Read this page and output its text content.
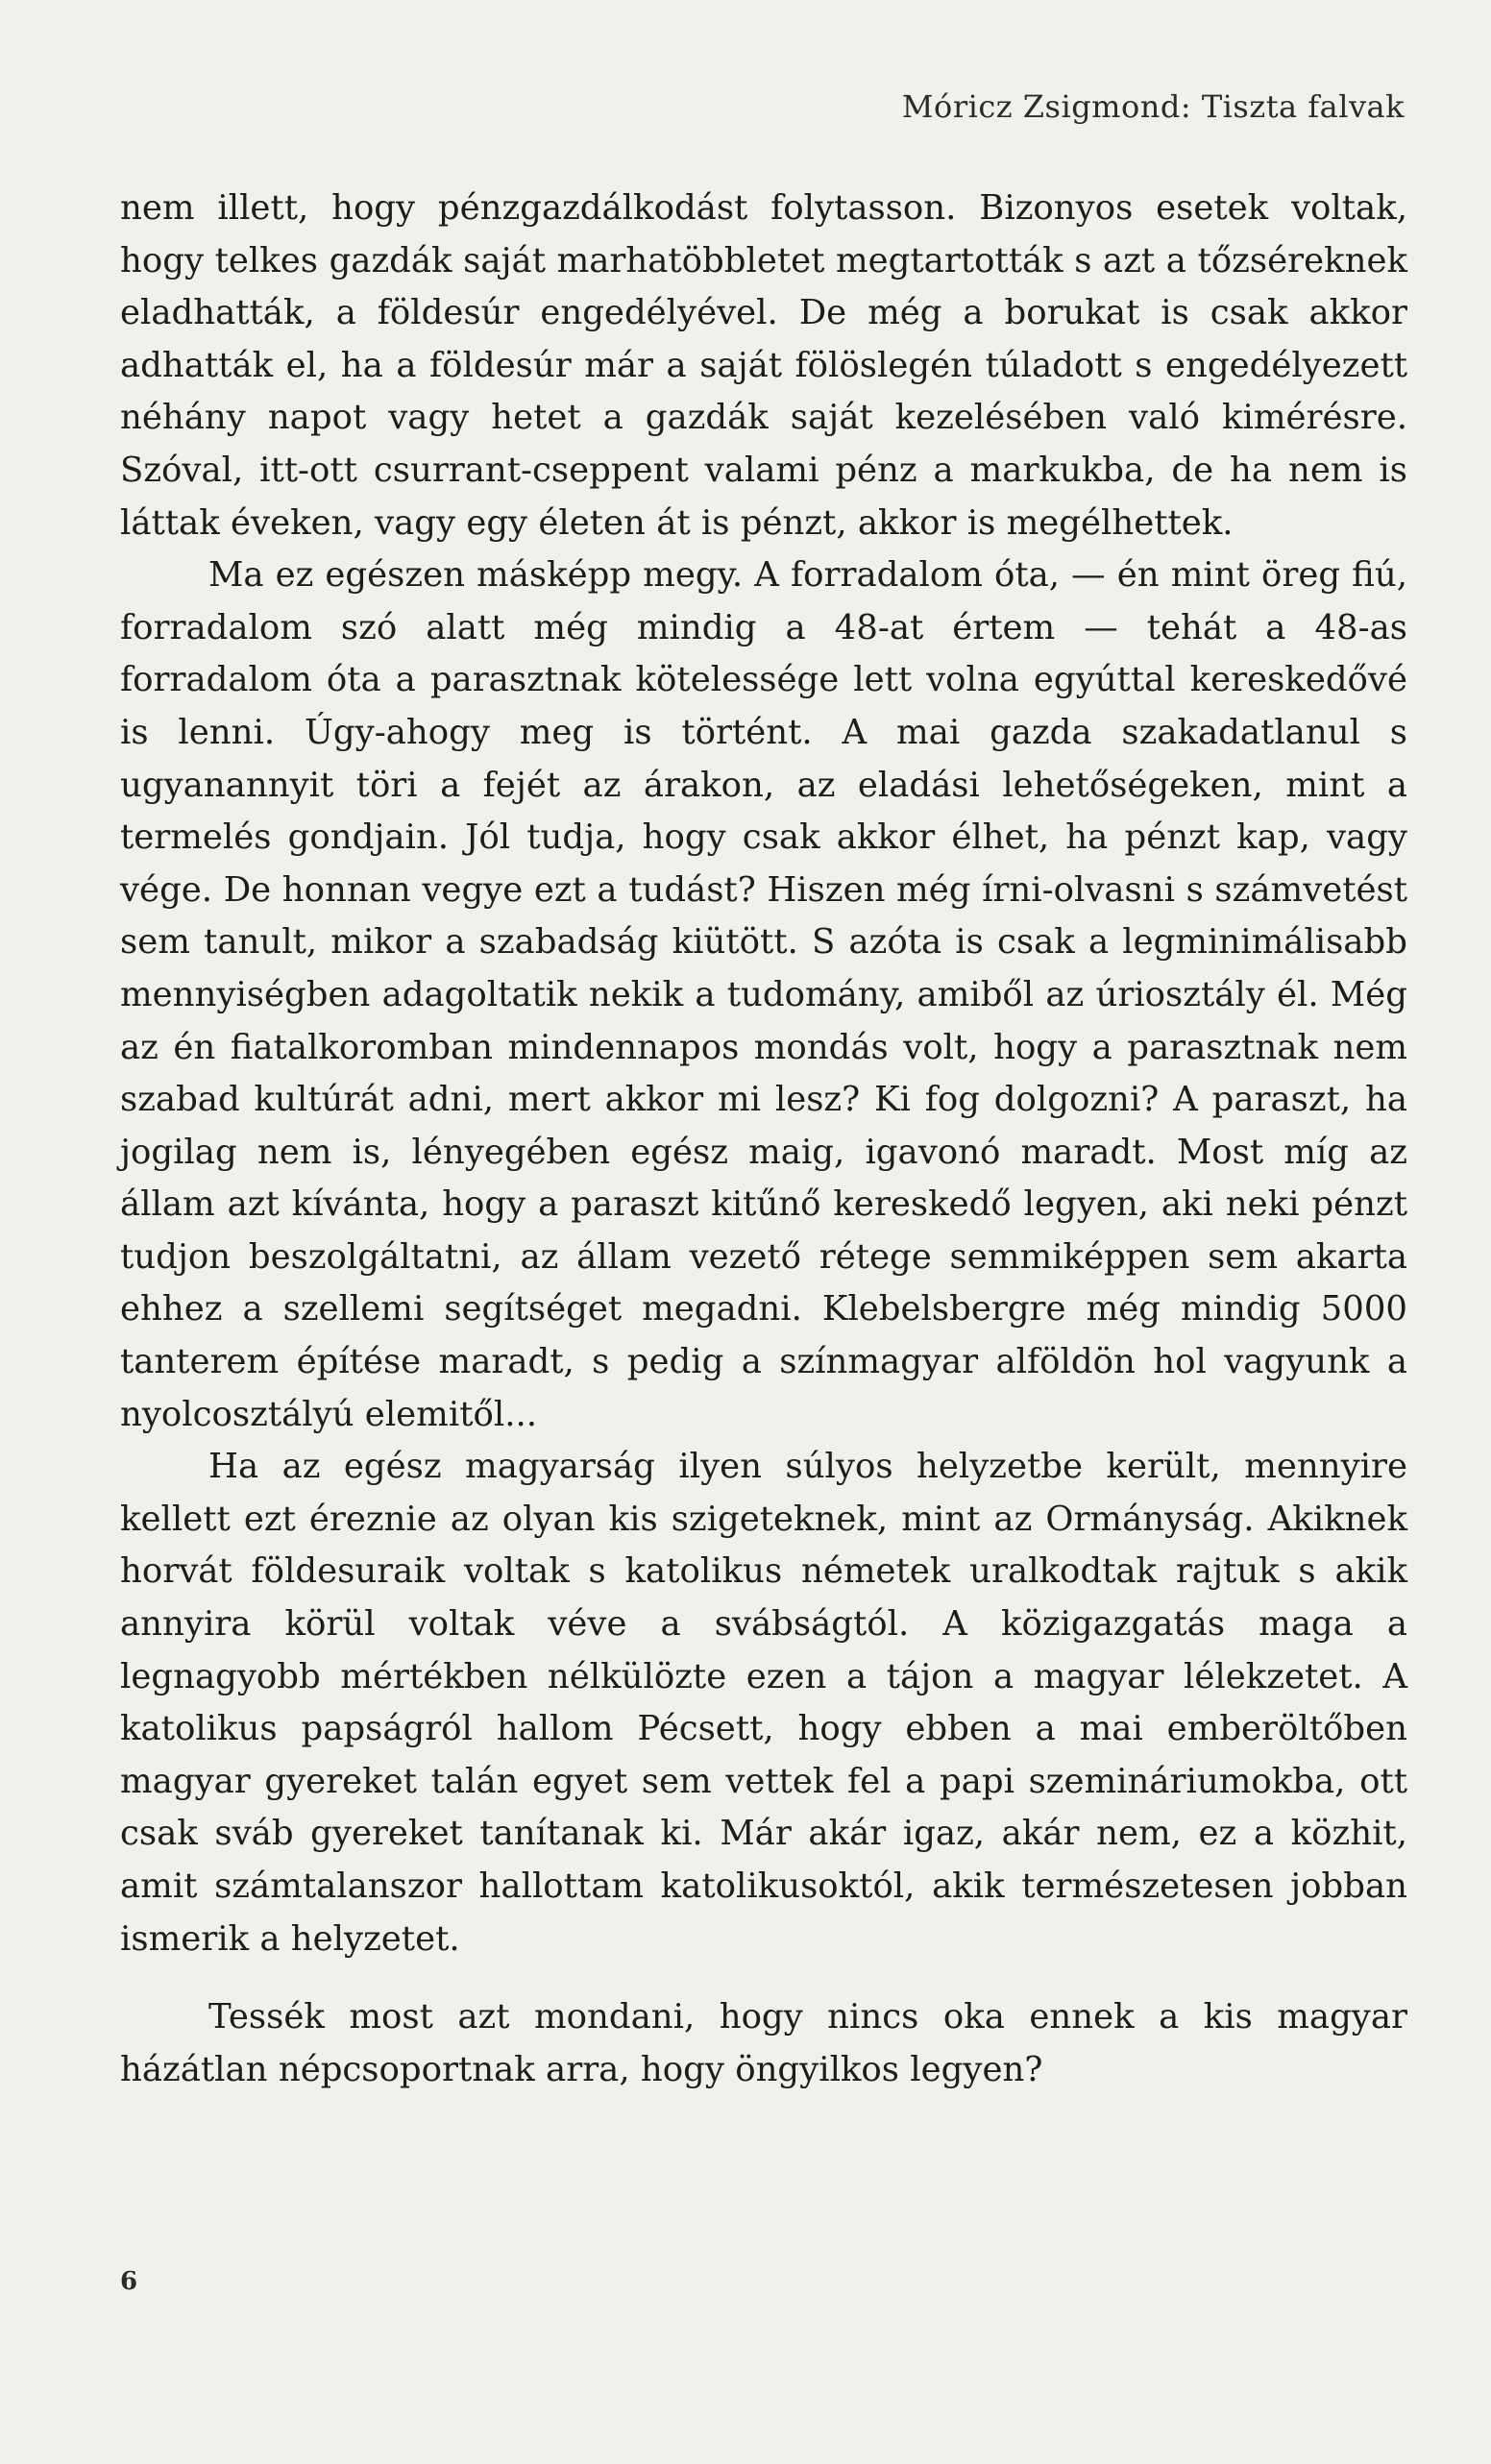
Móricz Zsigmond: Tiszta falvak

nem illett, hogy pénzgazdálkodást folytasson. Bizonyos esetek voltak, hogy telkes gazdák saját marhatöbbletet megtartották s azt a tőzséreknek eladhatták, a földesúr engedélyével. De még a borukat is csak akkor adhatták el, ha a földesúr már a saját fölöslegén túladott s engedélyezett néhány napot vagy hetet a gazdák saját kezelésében való kimérésre. Szóval, itt-ott csurrant-cseppent valami pénz a markukba, de ha nem is láttak éveken, vagy egy életen át is pénzt, akkor is megélhettek.

Ma ez egészen másképp megy. A forradalom óta, — én mint öreg fiú, forradalom szó alatt még mindig a 48-at értem — tehát a 48-as forradalom óta a parasztnak kötelessége lett volna egyúttal kereskedővé is lenni. Úgy-ahogy meg is történt. A mai gazda szakadatlanul s ugyanannyit töri a fejét az árakon, az eladási lehetőségeken, mint a termelés gondjain. Jól tudja, hogy csak akkor élhet, ha pénzt kap, vagy vége. De honnan vegye ezt a tudást? Hiszen még írni-olvasni s számvetést sem tanult, mikor a szabadság kiütött. S azóta is csak a legminimálisabb mennyiségben adagoltatik nekik a tudomány, amiből az úriosztály él. Még az én fiatalkoromban mindennapos mondás volt, hogy a parasztnak nem szabad kultúrát adni, mert akkor mi lesz? Ki fog dolgozni? A paraszt, ha jogilag nem is, lényegében egész maig, igavonó maradt. Most míg az állam azt kívánta, hogy a paraszt kitűnő kereskedő legyen, aki neki pénzt tudjon beszolgáltatni, az állam vezető rétege semmiképpen sem akarta ehhez a szellemi segítséget megadni. Klebelsbergre még mindig 5000 tanterem építése maradt, s pedig a színmagyar alföldön hol vagyunk a nyolcosztályú elemitől...

Ha az egész magyarság ilyen súlyos helyzetbe került, mennyire kellett ezt éreznie az olyan kis szigeteknek, mint az Ormányság. Akiknek horvát földesuraik voltak s katolikus németek uralkodtak rajtuk s akik annyira körül voltak véve a svábságtól. A közigazgatás maga a legnagyobb mértékben nélkülözte ezen a tájon a magyar lélekzetet. A katolikus papságról hallom Pécsett, hogy ebben a mai emberöltőben magyar gyereket talán egyet sem vettek fel a papi szemináriumokba, ott csak sváb gyereket tanítanak ki. Már akár igaz, akár nem, ez a közhit, amit számtalanszor hallottam katolikusoktól, akik természetesen jobban ismerik a helyzetet.

Tessék most azt mondani, hogy nincs oka ennek a kis magyar házátlan népcsoportnak arra, hogy öngyilkos legyen?

6
